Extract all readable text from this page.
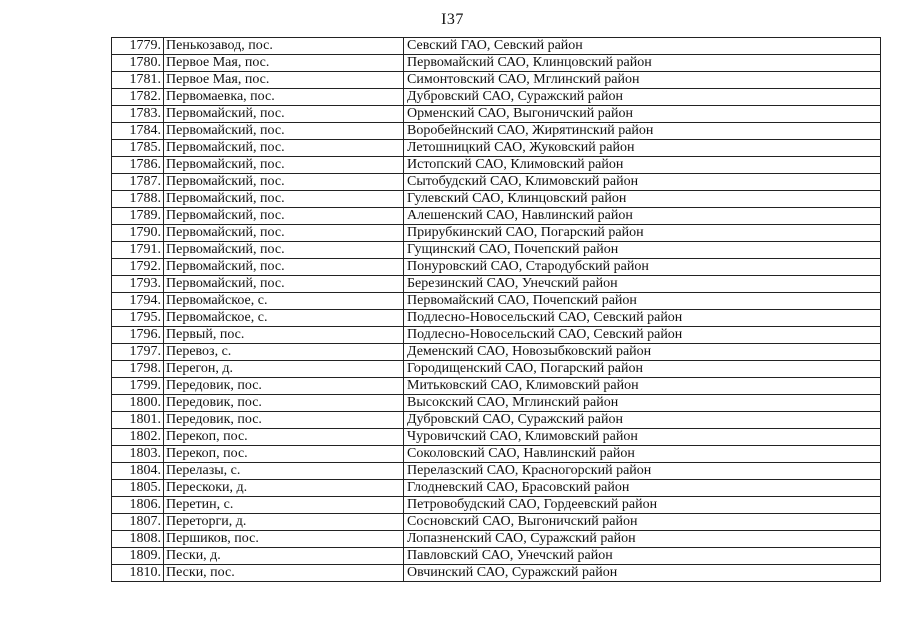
I37
1779.	Пенькозавод, пос.	Севский ГАО, Севский район
1780.	Первое Мая, пос.	Первомайский САО, Клинцовский район
1781.	Первое Мая, пос.	Симонтовский САО, Мглинский район
1782.	Первомаевка, пос.	Дубровский САО, Суражский район
1783.	Первомайский, пос.	Орменский САО, Выгоничский район
1784.	Первомайский, пос.	Воробейнский САО, Жирятинский район
1785.	Первомайский, пос.	Летошницкий САО, Жуковский район
1786.	Первомайский, пос.	Истопский САО, Климовский район
1787.	Первомайский, пос.	Сытобудский САО, Климовский район
1788.	Первомайский, пос.	Гулевский САО, Клинцовский район
1789.	Первомайский, пос.	Алешенский САО, Навлинский район
1790.	Первомайский, пос.	Прирубкинский САО, Погарский район
1791.	Первомайский, пос.	Гущинский САО, Почепский район
1792.	Первомайский, пос.	Понуровский САО, Стародубский район
1793.	Первомайский, пос.	Березинский САО, Унечский район
1794.	Первомайское, с.	Первомайский САО, Почепский район
1795.	Первомайское, с.	Подлесно-Новосельский САО, Севский район
1796.	Первый, пос.	Подлесно-Новосельский САО, Севский район
1797.	Перевоз, с.	Деменский САО, Новозыбковский район
1798.	Перегон, д.	Городищенский САО, Погарский район
1799.	Передовик, пос.	Митьковский САО, Климовский район
1800.	Передовик, пос.	Высокский САО, Мглинский район
1801.	Передовик, пос.	Дубровский САО, Суражский район
1802.	Перекоп, пос.	Чуровичский САО, Климовский район
1803.	Перекоп, пос.	Соколовский САО, Навлинский район
1804.	Перелазы, с.	Перелазский САО, Красногорский район
1805.	Перескоки, д.	Глодневский САО, Брасовский район
1806.	Перетин, с.	Петровобудский САО, Гордеевский район
1807.	Переторги, д.	Сосновский САО, Выгоничский район
1808.	Першиков, пос.	Лопазненский САО, Суражский район
1809.	Пески, д.	Павловский САО, Унечский район
1810.	Пески, пос.	Овчинский САО, Суражский район
